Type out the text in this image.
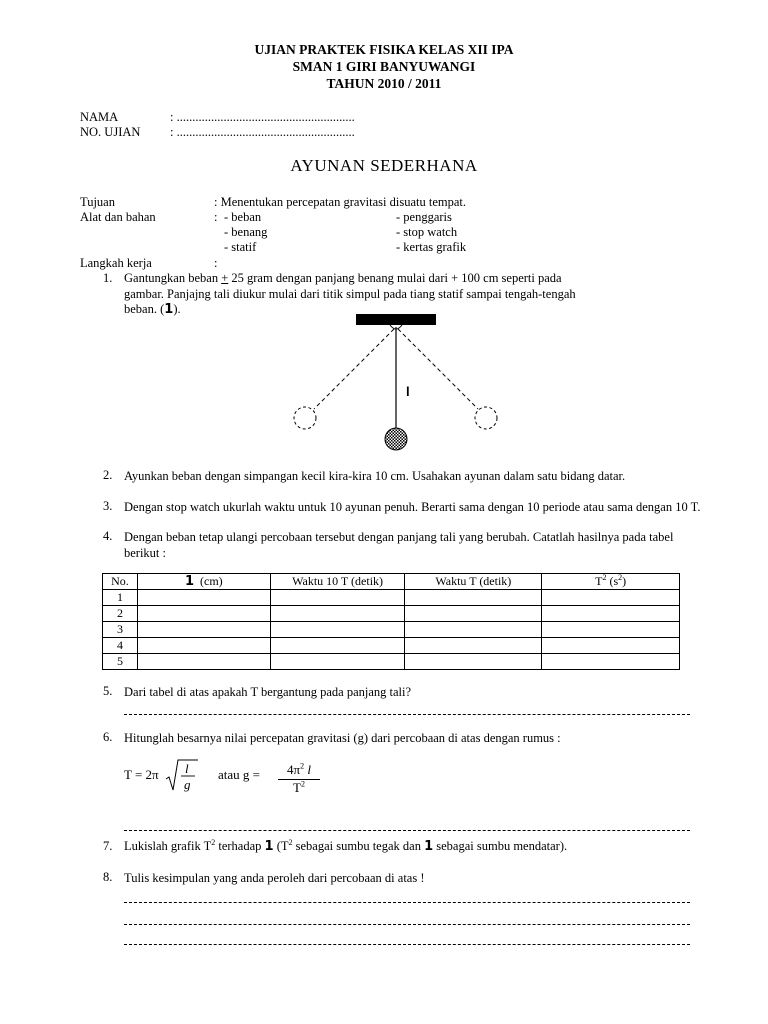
UJIAN PRAKTEK FISIKA KELAS XII IPA
SMAN 1 GIRI BANYUWANGI
TAHUN 2010 / 2011
NAMA	: .........................................................
NO. UJIAN : .........................................................
AYUNAN SEDERHANA
Tujuan	: Menentukan percepatan gravitasi disuatu tempat.
Alat dan bahan	: - beban
- benang
- statif
- penggaris
- stop watch
- kertas grafik
Langkah kerja	:
1. Gantungkan beban + 25 gram dengan panjang benang mulai dari + 100 cm seperti pada
gambar. Panjajng tali diukur mulai dari titik simpul pada tiang statif sampai tengah-tengah
beban. (1).
l
2. Ayunkan beban dengan simpangan kecil kira-kira 10 cm. Usahakan ayunan dalam satu bidang datar.
3. Dengan stop watch ukurlah waktu untuk 10 ayunan penuh. Berarti sama dengan 10 periode atau sama dengan 10 T.
4. Dengan beban tetap ulangi percobaan tersebut dengan panjang tali yang berubah. Catatlah hasilnya pada tabel berikut :
No.	1 (cm)	Waktu 10 T (detik)	Waktu T (detik)	$T^2$ $(s^2)$
1				
2				
3				
4				
5				
5. Dari tabel di atas apakah T bergantung pada panjang tali?
6. Hitunglah besarnya nilai percepatan gravitasi (g) dari percobaan di atas dengan rumus :
T = 2π l
g
atau g =	$4\pi^2$ l
$T^2$
7. Lukislah grafik $T^2$ terhadap 1 ($T^2$ sebagai sumbu tegak dan 1 sebagai sumbu mendatar).
8. Tulis kesimpulan yang anda peroleh dari percobaan di atas !
